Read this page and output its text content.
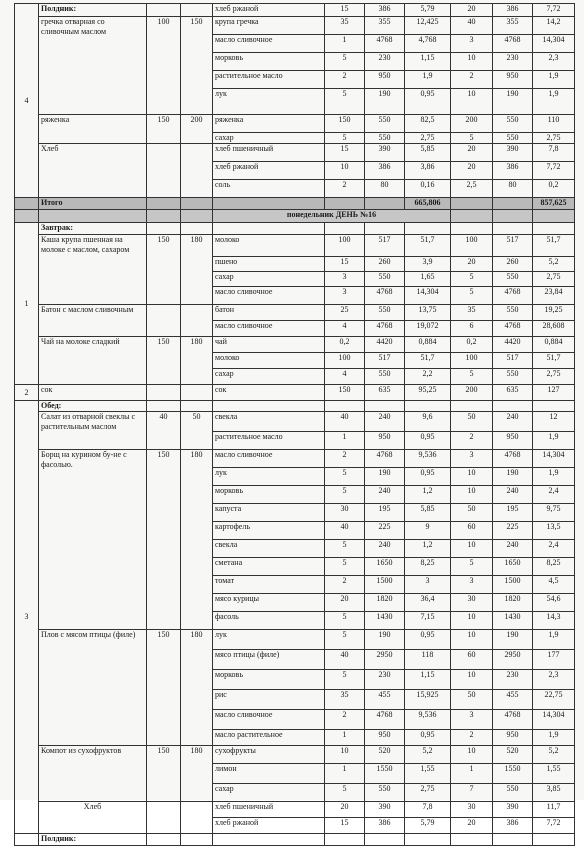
4	Полдник:			хлеб ржаной	15	386	5,79	20	386	7,72
	гречка отварная со сливочным маслом	100	150	крупа гречка	35	355	12,425	40	355	14,2
				масло сливочное	1	4768	4,768	3	4768	14,304
				морковь	5	230	1,15	10	230	2,3
				растительное масло	2	950	1,9	2	950	1,9
				лук	5	190	0,95	10	190	1,9
	ряженка	150	200	ряженка	150	550	82,5	200	550	110
				сахар	5	550	2,75	5	550	2,75
	Хлеб			хлеб пшеничный	15	390	5,85	20	390	7,8
				хлеб ржаной	10	386	3,86	20	386	7,72
				соль	2	80	0,16	2,5	80	0,2
	Итого						665,806			857,625
				понедельник ДЕНЬ №16						
1	Завтрак:									
	Каша крупа пшенная на молоке с маслом, сахаром	150	180	молоко	100	517	51,7	100	517	51,7
				пшено	15	260	3,9	20	260	5,2
				сахар	3	550	1,65	5	550	2,75
				масло сливочное	3	4768	14,304	5	4768	23,84
	Батон с маслом сливочным			батон	25	550	13,75	35	550	19,25
				масло сливочное	4	4768	19,072	6	4768	28,608
	Чай на молоке сладкий	150	180	чай	0,2	4420	0,884	0,2	4420	0,884
				молоко	100	517	51,7	100	517	51,7
				сахар	4	550	2,2	5	550	2,75
2	сок			сок	150	635	95,25	200	635	127
3	Обед:									
	Салат из отварной свеклы с растительным маслом	40	50	свекла	40	240	9,6	50	240	12
				растительное масло	1	950	0,95	2	950	1,9
	Борщ на курином бу-не с фасолью.	150	180	масло сливочное	2	4768	9,536	3	4768	14,304
				лук	5	190	0,95	10	190	1,9
				морковь	5	240	1,2	10	240	2,4
				капуста	30	195	5,85	50	195	9,75
				картофель	40	225	9	60	225	13,5
				свекла	5	240	1,2	10	240	2,4
				сметана	5	1650	8,25	5	1650	8,25
				томат	2	1500	3	3	1500	4,5
				мясо курицы	20	1820	36,4	30	1820	54,6
				фасоль	5	1430	7,15	10	1430	14,3
	Плов с мясом птицы (филе)	150	180	лук	5	190	0,95	10	190	1,9
				мясо птицы (филе)	40	2950	118	60	2950	177
				морковь	5	230	1,15	10	230	2,3
				рис	35	455	15,925	50	455	22,75
				масло сливочное	2	4768	9,536	3	4768	14,304
				масло растительное	1	950	0,95	2	950	1,9
	Компот из сухофруктов	150	180	сухофрукты	10	520	5,2	10	520	5,2
				лимон	1	1550	1,55	1	1550	1,55
				сахар	5	550	2,75	7	550	3,85
	Хлеб			хлеб пшеничный	20	390	7,8	30	390	11,7
				хлеб ржаной	15	386	5,79	20	386	7,72
	Полдник:									
